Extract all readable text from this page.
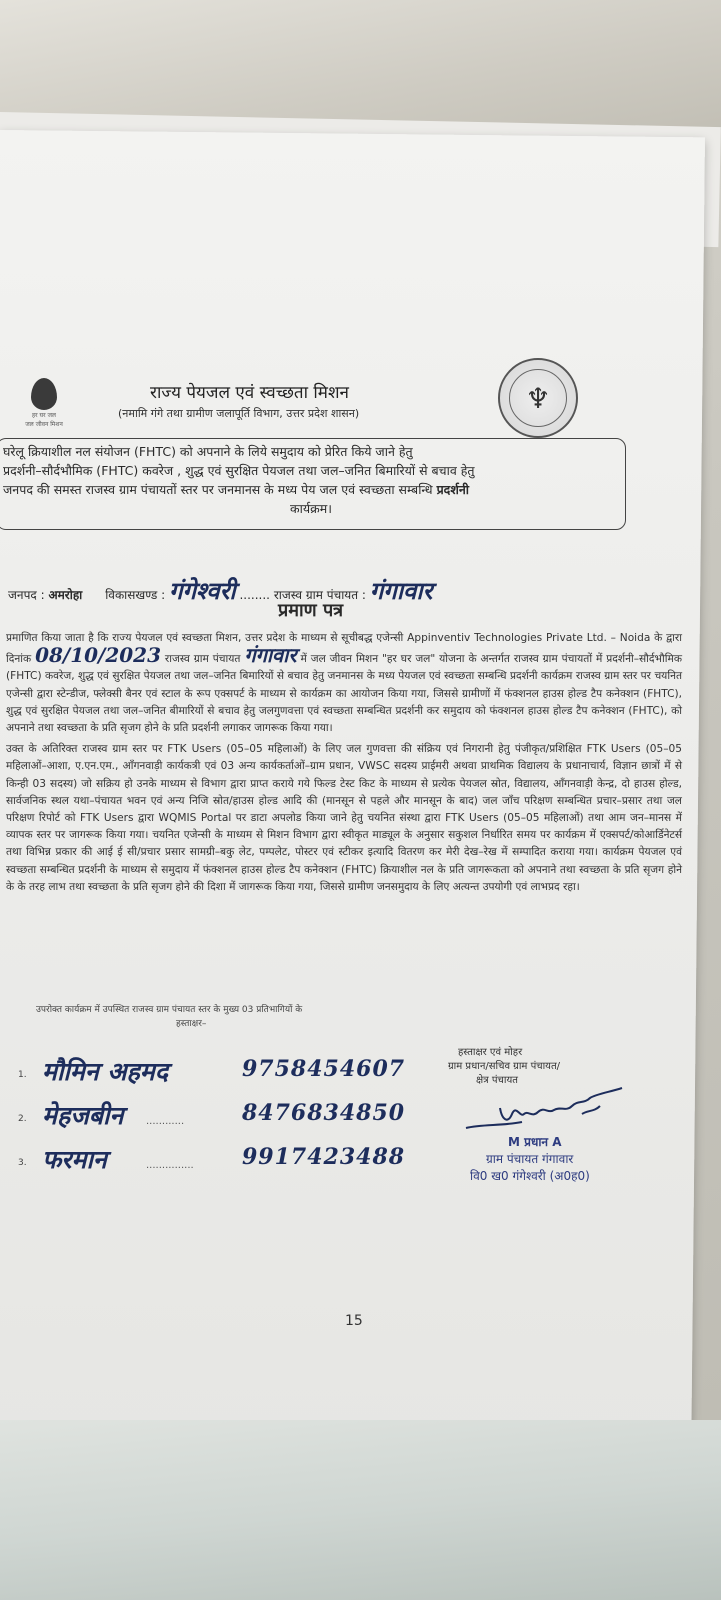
हर घर जल
जल जीवन मिशन
♆
राज्य पेयजल एवं स्वच्छता मिशन
(नमामि गंगे तथा ग्रामीण जलापूर्ति विभाग, उत्तर प्रदेश शासन)
घरेलू क्रियाशील नल संयोजन (FHTC) को अपनाने के लिये समुदाय को प्रेरित किये जाने हेतु
प्रदर्शनी–सौर्दभौमिक (FHTC) कवरेज , शुद्ध एवं सुरक्षित पेयजल तथा जल–जनित बिमारियों से बचाव हेतु
जनपद की समस्त राजस्व ग्राम पंचायतों स्तर पर जनमानस के मध्य पेय जल एवं स्वच्छता सम्बन्धि प्रदर्शनी
कार्यक्रम।
जनपद : अमरोहा विकासखण्ड : गंगेश्वरी ........ राजस्व ग्राम पंचायत : गंगावार
प्रमाण पत्र

प्रमाणित किया जाता है कि राज्य पेयजल एवं स्वच्छता मिशन, उत्तर प्रदेश के माध्यम से सूचीबद्ध एजेन्सी Appinventiv Technologies Private Ltd. – Noida के द्वारा दिनांक 08/10/2023 राजस्व ग्राम पंचायत गंगावार में जल जीवन मिशन "हर घर जल" योजना के अन्तर्गत राजस्व ग्राम पंचायतों में प्रदर्शनी–सौर्दभौमिक (FHTC) कवरेज, शुद्ध एवं सुरक्षित पेयजल तथा जल–जनित बिमारियों से बचाव हेतु जनमानस के मध्य पेयजल एवं स्वच्छता सम्बन्धि प्रदर्शनी कार्यक्रम राजस्व ग्राम स्तर पर चयनित एजेन्सी द्वारा स्टेन्डीज, फ्लेक्सी बैनर एवं स्टाल के रूप एक्सपर्ट के माध्यम से कार्यक्रम का आयोजन किया गया, जिससे ग्रामीणों में फंक्शनल हाउस होल्ड टैप कनेक्शन (FHTC), शुद्ध एवं सुरक्षित पेयजल तथा जल–जनित बीमारियों से बचाव हेतु जलगुणवत्ता एवं स्वच्छता सम्बन्धित प्रदर्शनी कर समुदाय को फंक्शनल हाउस होल्ड टैप कनेक्शन (FHTC), को अपनाने तथा स्वच्छता के प्रति सृजग होने के प्रति प्रदर्शनी लगाकर जागरूक किया गया।

उक्त के अतिरिक्त राजस्व ग्राम स्तर पर FTK Users (05–05 महिलाओं) के लिए जल गुणवत्ता की संक्रिय एवं निगरानी हेतु पंजीकृत/प्रशिक्षित FTK Users (05–05 महिलाओं–आशा, ए.एन.एम., आँगनवाड़ी कार्यकत्री एवं 03 अन्य कार्यकर्ताओं–ग्राम प्रधान, VWSC सदस्य प्राईमरी अथवा प्राथमिक विद्यालय के प्रधानाचार्य, विज्ञान छात्रों में से किन्ही 03 सदस्य) जो सक्रिय हो उनके माध्यम से विभाग द्वारा प्राप्त कराये गये फिल्ड टेस्ट किट के माध्यम से प्रत्येक पेयजल स्रोत, विद्यालय, आँगनवाड़ी केन्द्र, दो हाउस होल्ड, सार्वजनिक स्थल यथा–पंचायत भवन एवं अन्य निजि स्रोत/हाउस होल्ड आदि की (मानसून से पहले और मानसून के बाद) जल जाँच परिक्षण सम्बन्धित प्रचार–प्रसार तथा जल परिक्षण रिपोर्ट को FTK Users द्वारा WQMIS Portal पर डाटा अपलोड किया जाने हेतु चयनित संस्था द्वारा FTK Users (05–05 महिलाओं) तथा आम जन–मानस में व्यापक स्तर पर जागरूक किया गया। चयनित एजेन्सी के माध्यम से मिशन विभाग द्वारा स्वीकृत माड्यूल के अनुसार सकुशल निर्धारित समय पर कार्यक्रम में एक्सपर्ट/कोआर्डिनेटर्स तथा विभिन्न प्रकार की आई ई सी/प्रचार प्रसार सामग्री–बकु लेट, पम्पलेट, पोस्टर एवं स्टीकर इत्यादि वितरण कर मेरी देख–रेख में सम्पादित कराया गया। कार्यक्रम पेयजल एवं स्वच्छता सम्बन्धित प्रदर्शनी के माध्यम से समुदाय में फंक्शनल हाउस होल्ड टैप कनेक्शन (FHTC) क्रियाशील नल के प्रति जागरूकता को अपनाने तथा स्वच्छता के प्रति सृजग होने के के तरह लाभ तथा स्वच्छता के प्रति सृजग होने की दिशा में जागरूक किया गया, जिससे ग्रामीण जनसमुदाय के लिए अत्यन्त उपयोगी एवं लाभप्रद रहा।

उपरोक्त कार्यक्रम में उपस्थित राजस्व ग्राम पंचायत स्तर के मुख्य 03 प्रतिभागियों के
हस्ताक्षर–
1. मौमिन अहमद	9758454607
2. मेहजबीन ............	8476834850
3. फरमान	............... 9917423488
हस्ताक्षर एवं मोहर
ग्राम प्रधान/सचिव ग्राम पंचायत/
क्षेत्र पंचायत
M प्रधान A
ग्राम पंचायत गंगावार
वि0 ख0 गंगेश्वरी (अ0ह0)
15
